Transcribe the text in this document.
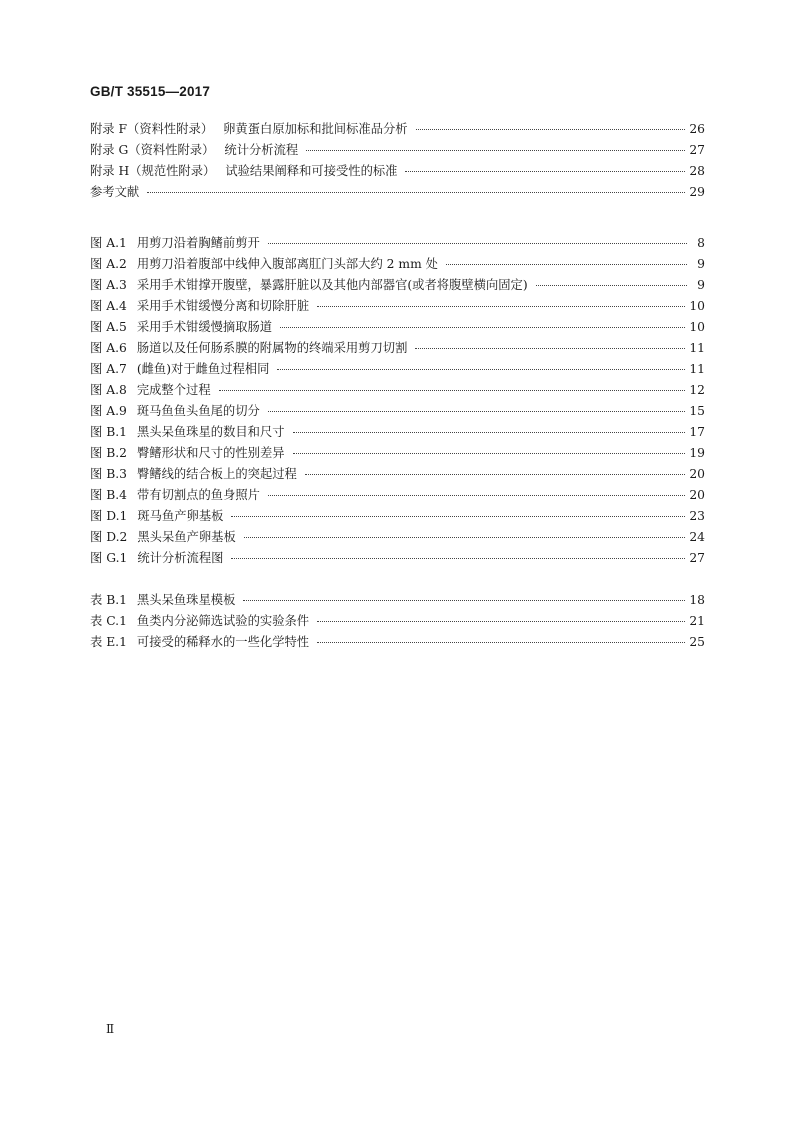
GB/T 35515—2017
附录 F（资料性附录） 卵黄蛋白原加标和批间标准品分析	26
附录 G（资料性附录） 统计分析流程	27
附录 H（规范性附录） 试验结果阐释和可接受性的标准	28
参考文献	29
图 A.1 用剪刀沿着胸鳍前剪开	8
图 A.2 用剪刀沿着腹部中线伸入腹部离肛门头部大约 2 mm 处	9
图 A.3 采用手术钳撑开腹壁，暴露肝脏以及其他内部器官(或者将腹壁横向固定)	9
图 A.4 采用手术钳缓慢分离和切除肝脏	10
图 A.5 采用手术钳缓慢摘取肠道	10
图 A.6 肠道以及任何肠系膜的附属物的终端采用剪刀切割	11
图 A.7 (雌鱼)对于雌鱼过程相同	11
图 A.8 完成整个过程	12
图 A.9 斑马鱼鱼头鱼尾的切分	15
图 B.1 黑头呆鱼珠星的数目和尺寸	17
图 B.2 臀鳍形状和尺寸的性别差异	19
图 B.3 臀鳍线的结合板上的突起过程	20
图 B.4 带有切割点的鱼身照片	20
图 D.1 斑马鱼产卵基板	23
图 D.2 黑头呆鱼产卵基板	24
图 G.1 统计分析流程图	27
表 B.1 黑头呆鱼珠星模板	18
表 C.1 鱼类内分泌筛选试验的实验条件	21
表 E.1 可接受的稀释水的一些化学特性	25
Ⅱ
